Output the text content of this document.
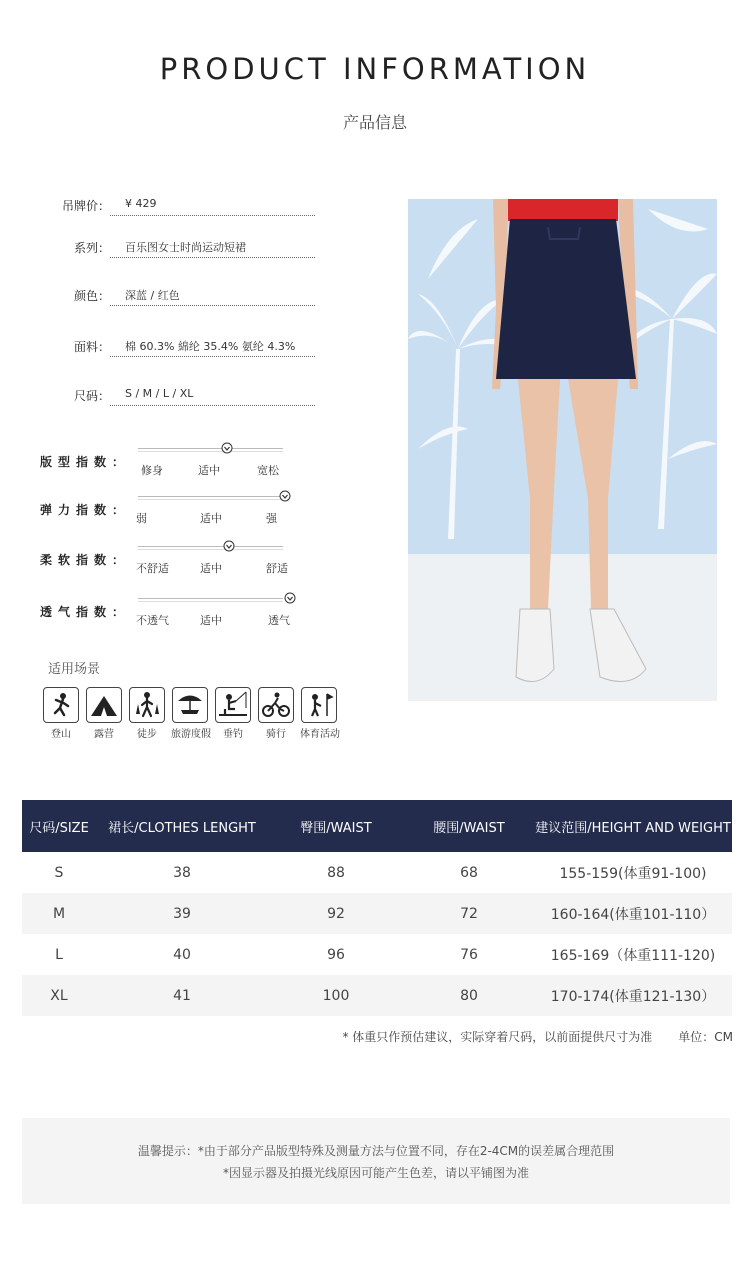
PRODUCT INFORMATION
产品信息
吊牌价： ¥ 429
系列： 百乐图女士时尚运动短裙
颜色： 深蓝 / 红色
面料： 棉 60.3% 綿纶 35.4% 氨纶 4.3%
尺码： S / M / L / XL
版型指数：
修身	适中	宽松
弹力指数：
弱	适中	强
柔软指数：
不舒适	适中	舒适
透气指数：
不透气	适中	透气
适用场景
登山	露营	徒步	旅游度假	垂钓	骑行	体育活动
尺码/SIZE	裙长/CLOTHES LENGHT	臀围/WAIST	腰围/WAIST	建议范围/HEIGHT AND WEIGHT
S	38	88	68	155-159(体重91-100)
M	39	92	72	160-164(体重101-110）
L	40	96	76	165-169（体重111-120)
XL	41	100	80	170-174(体重121-130）
* 体重只作预估建议，实际穿着尺码，以前面提供尺寸为准 单位：CM
温馨提示：*由于部分产品版型特殊及测量方法与位置不同，存在2-4CM的误差属合理范围
*因显示器及拍摄光线原因可能产生色差，请以平铺图为准
